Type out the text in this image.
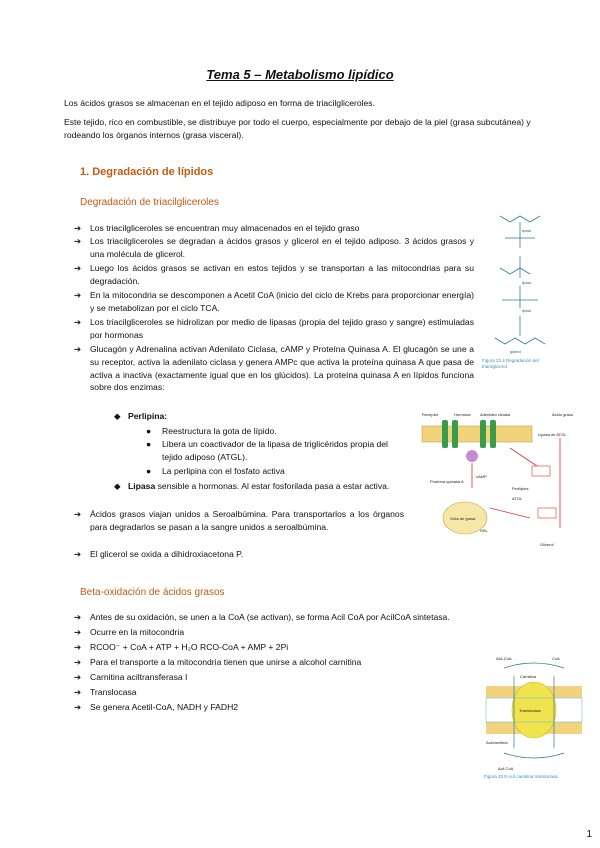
Tema 5 – Metabolismo lipídico
Los ácidos grasos se almacenan en el tejido adiposo en forma de triacilgliceroles.
Este tejido, rico en combustible, se distribuye por todo el cuerpo, especialmente por debajo de la piel (grasa subcutánea) y rodeando los órganos internos (grasa visceral).
1. Degradación de lípidos
Degradación de triacilgliceroles
➔ Los triacilgliceroles se encuentran muy almacenados en el tejido graso
➔ Los triacilgliceroles se degradan a ácidos grasos y glicerol en el tejido adiposo. 3 ácidos grasos y una molécula de glicerol.
➔ Luego los ácidos grasos se activan en estos tejidos y se transportan a las mitocondrias para su degradación.
➔ En la mitocondria se descomponen a Acetil CoA (inicio del ciclo de Krebs para proporcionar energía) y se metabolizan por el ciclo TCA.
➔ Los triacilgliceroles se hidrolizan por medio de lipasas (propia del tejido graso y sangre) estimuladas por hormonas
➔ Glucagón y Adrenalina activan Adenilato Ciclasa, cAMP y Proteína Quinasa A. El glucagón se une a su receptor, activa la adenilato ciclasa y genera AMPc que activa la proteína quinasa A que pasa de activa a inactiva (exactamente igual que en los glúcidos). La proteína quinasa A en lípidos funciona sobre dos enzimas:
◆ Perlipina:
● Reestructura la gota de lípido.
● Libera un coactivador de la lipasa de triglicéridos propia del tejido adiposo (ATGL).
● La perlipina con el fosfato activa
◆ Lipasa sensible a hormonas. Al estar fosforilada pasa a estar activa.
➔ Ácidos grasos viajan unidos a Seroalbúmina. Para transportarlos a los órganos para degradarlos se pasan a la sangre unidos a seroalbúmina.
➔ El glicerol se oxida a dihidroxiacetona P.
Beta-oxidación de ácidos grasos
➔ Antes de su oxidación, se unen a la CoA (se activan), se forma Acil CoA por AcilCoA sintetasa.
➔ Ocurre en la mitocondria
➔ RCOO⁻ + CoA + ATP + H₂O RCO-CoA + AMP + 2Pi
➔ Para el transporte a la mitocondria tienen que unirse a alcohol carnitina
➔ Carnitina aciltransferasa I
➔ Translocasa
➔ Se genera Acetil-CoA, NADH y FADH2
lipasa
lipasa
lipasa
glicerol
Figura 22.4 Degradación del triacilglicerol.
Receptor	Hormona Adenilato ciclasa	Ácido graso
Lipasa de ATGL
Perilipina
ATGL
HSL
Glicerol
Gota de grasa
Proteína quinasa A
cAMP
Acil-CoA	CoA
Carnitina
Translocasa
Acilcarnitina
Acil CoA
Figura 22.9 Acil carnitina translocasa.
1
